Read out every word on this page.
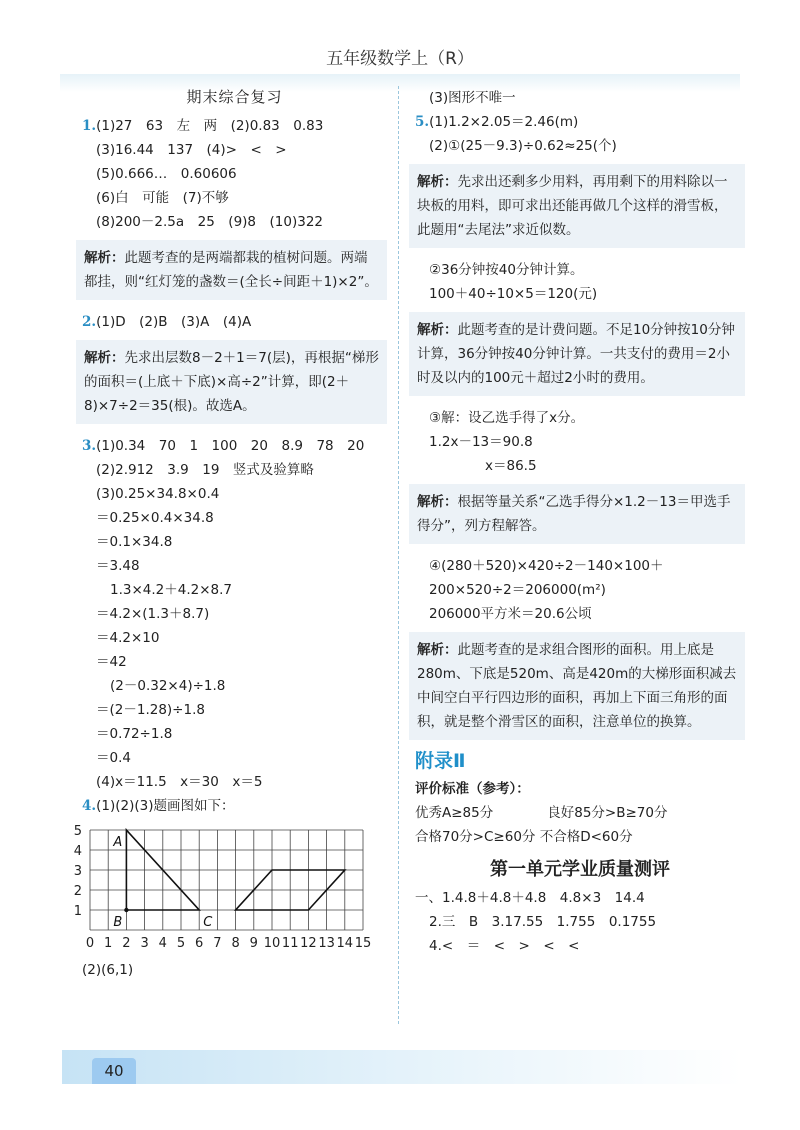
五年级数学上（R）
期末综合复习
1.(1)27　63　左　两　(2)0.83　0.83
(3)16.44　137　(4)>　<　>
(5)0.666…　0.60606
(6)白　可能　(7)不够
(8)200－2.5a　25　(9)8　(10)322
解析：此题考查的是两端都栽的植树问题。两端都挂，则“红灯笼的盏数＝(全长÷间距＋1)×2”。
2.(1)D　(2)B　(3)A　(4)A
解析：先求出层数8－2＋1＝7(层)，再根据“梯形的面积＝(上底＋下底)×高÷2”计算，即(2＋8)×7÷2＝35(根)。故选A。
3.(1)0.34　70　1　100　20　8.9　78　20
(2)2.912　3.9　19　竖式及验算略
(3)0.25×34.8×0.4
＝0.25×0.4×34.8
＝0.1×34.8
＝3.48
1.3×4.2＋4.2×8.7
＝4.2×(1.3＋8.7)
＝4.2×10
＝42
(2－0.32×4)÷1.8
＝(2－1.28)÷1.8
＝0.72÷1.8
＝0.4
(4)x＝11.5　x＝30　x＝5
4.(1)(2)(3)题画图如下：
0 1 2 3 4 5 6 7 8 9 10 11 12 13 14 15
1
2
3
4
5
A
B	C
(2)(6,1)
(3)图形不唯一
5.(1)1.2×2.05＝2.46(m)
(2)①(25－9.3)÷0.62≈25(个)
解析：先求出还剩多少用料，再用剩下的用料除以一块板的用料，即可求出还能再做几个这样的滑雪板，此题用“去尾法”求近似数。
②36分钟按40分钟计算。
100＋40÷10×5＝120(元)
解析：此题考查的是计费问题。不足10分钟按10分钟计算，36分钟按40分钟计算。一共支付的费用＝2小时及以内的100元＋超过2小时的费用。
③解：设乙选手得了x分。
1.2x－13＝90.8
x＝86.5
解析：根据等量关系“乙选手得分×1.2－13＝甲选手得分”，列方程解答。
④(280＋520)×420÷2－140×100＋
200×520÷2＝206000(m²)
206000平方米＝20.6公顷
解析：此题考查的是求组合图形的面积。用上底是280m、下底是520m、高是420m的大梯形面积减去中间空白平行四边形的面积，再加上下面三角形的面积，就是整个滑雪区的面积，注意单位的换算。
附录Ⅱ
评价标准（参考）：
优秀A≥85分　　　　良好85分>B≥70分
合格70分>C≥60分 不合格D<60分
第一单元学业质量测评
一、1.4.8＋4.8＋4.8　4.8×3　14.4
2.三　B　3.17.55　1.755　0.1755
4.<　＝　<　>　<　<
40
